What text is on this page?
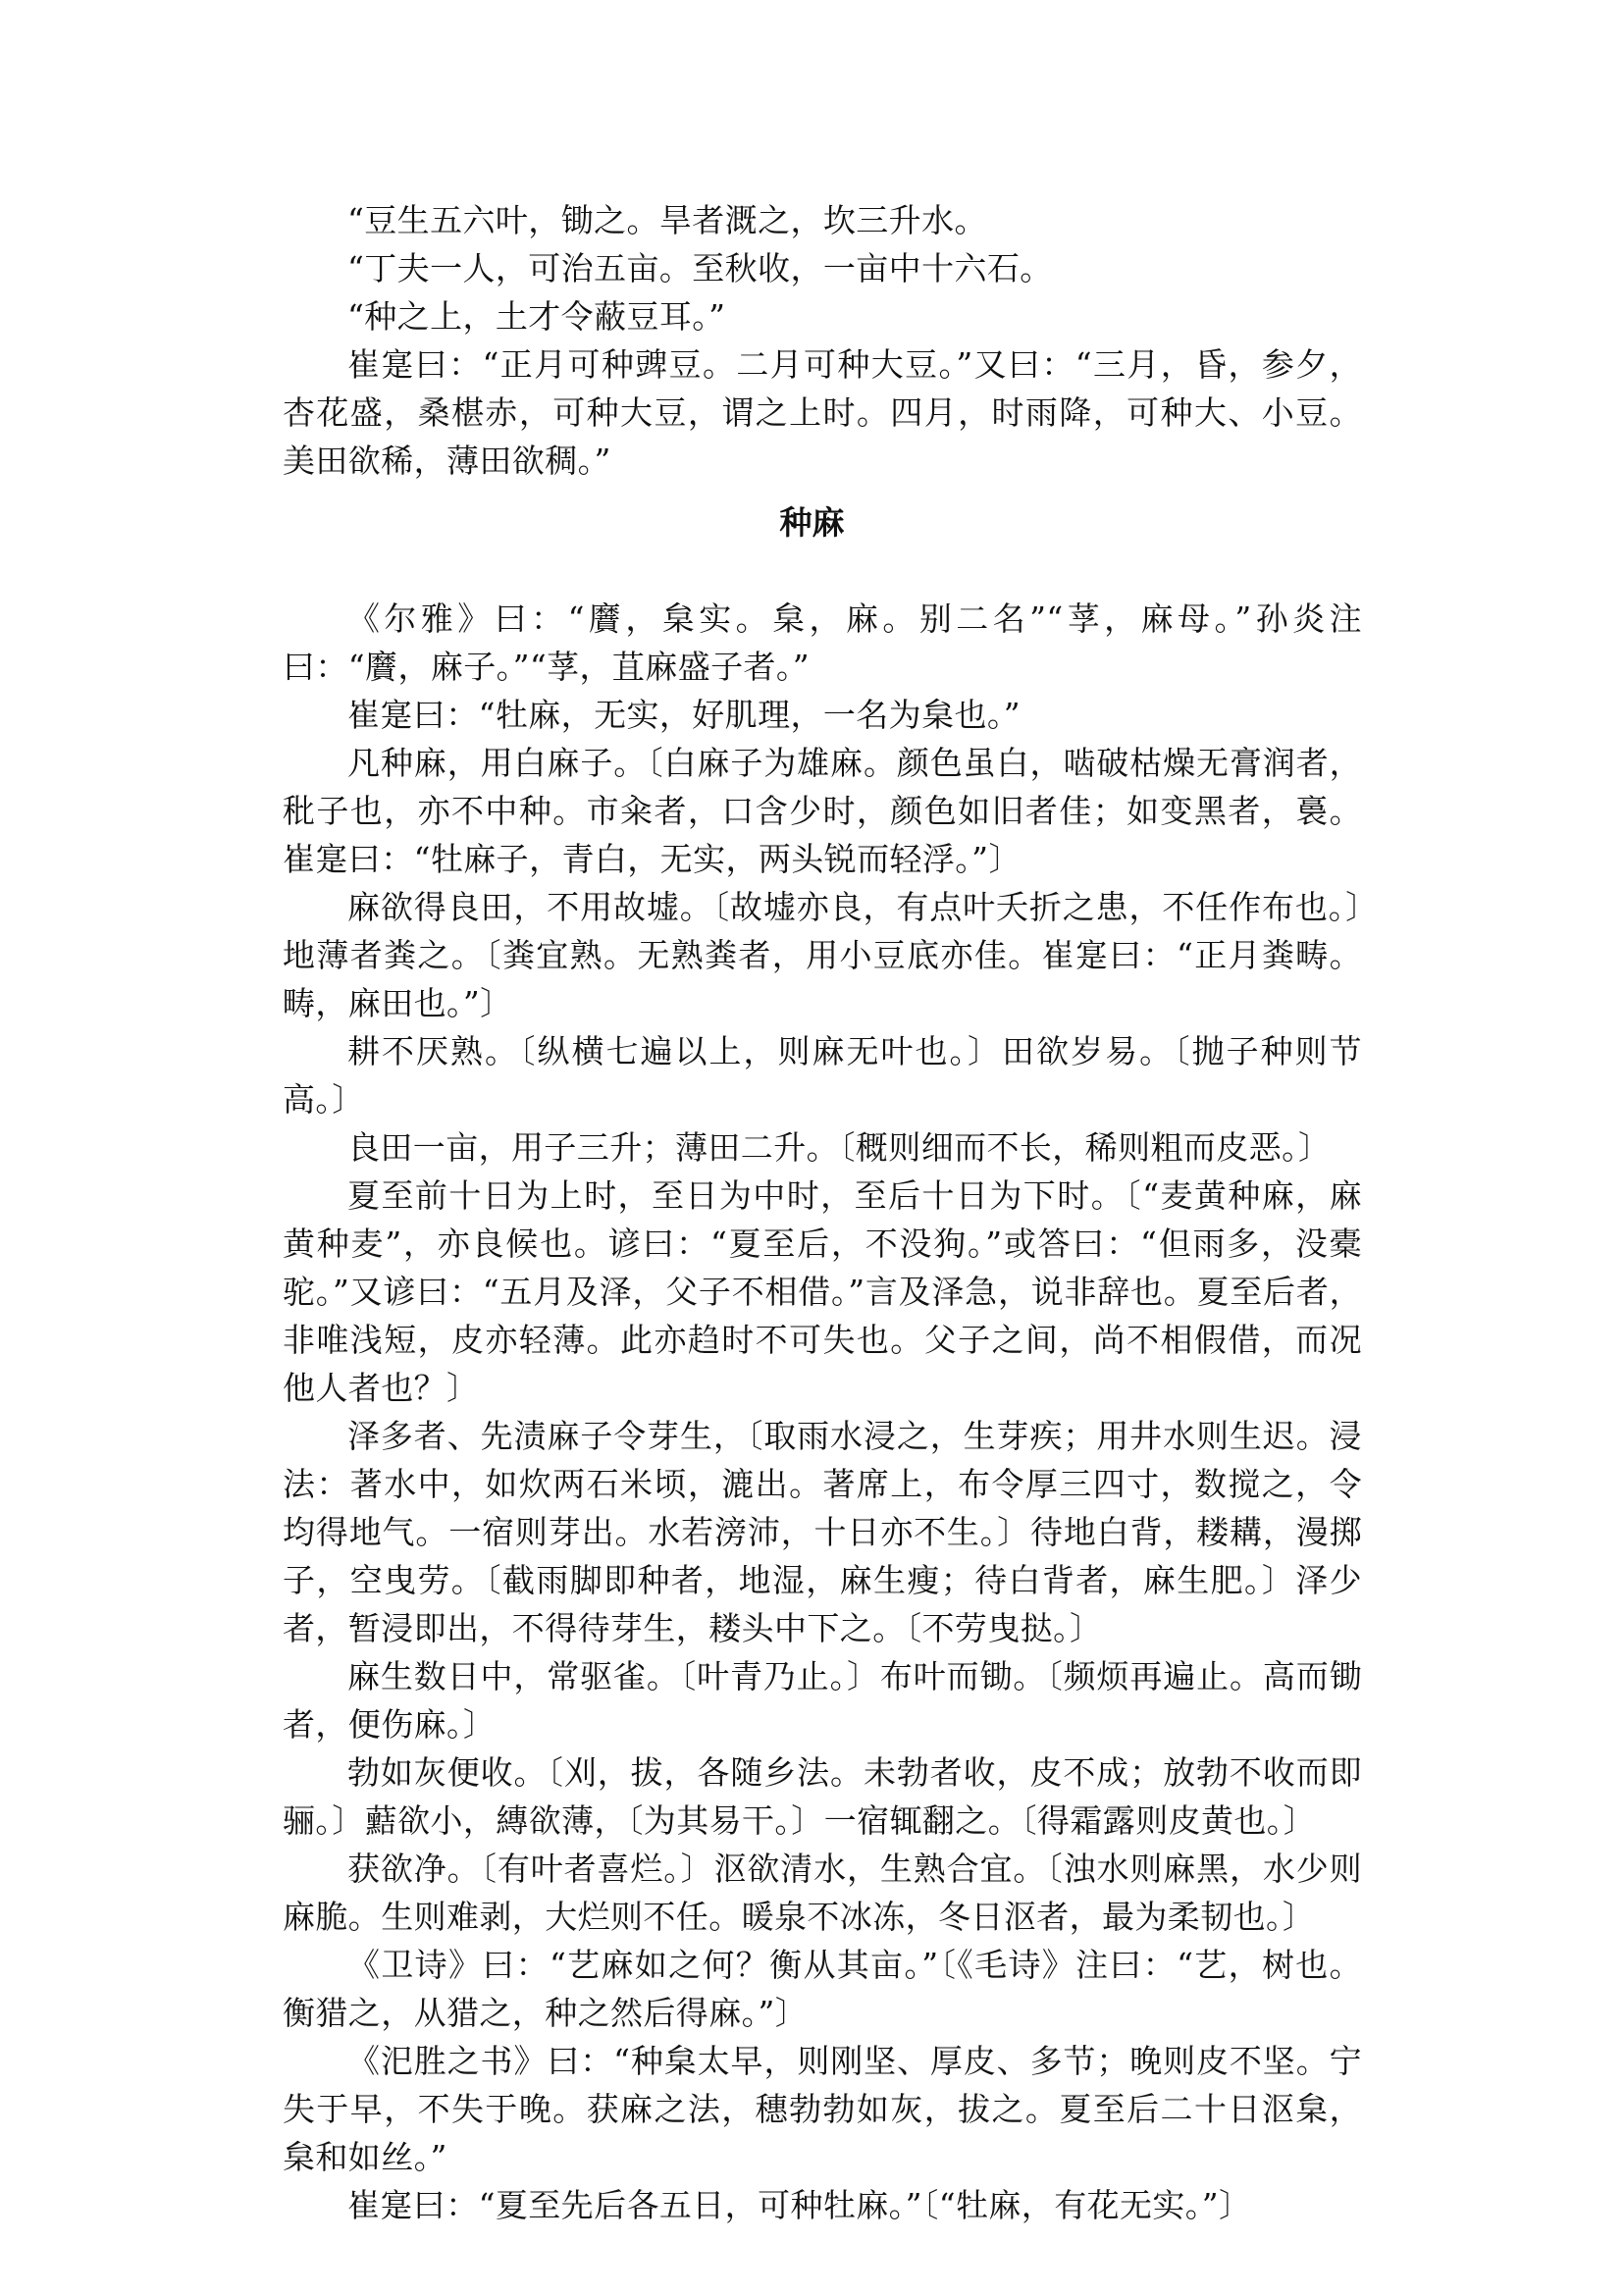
“豆生五六叶，锄之。旱者溉之，坎三升水。

“丁夫一人，可治五亩。至秋收，一亩中十六石。

“种之上，土才令蔽豆耳。”

崔寔曰：“正月可种豍豆。二月可种大豆。”又曰：“三月，昏，参夕，杏花盛，桑椹赤，可种大豆，谓之上时。四月，时雨降，可种大、小豆。美田欲稀，薄田欲稠。”

种麻

《尔雅》曰：“黂，枲实。枲，麻。别二名”“莩，麻母。”孙炎注曰：“黂，麻子。”“莩，苴麻盛子者。”

崔寔曰：“牡麻，无实，好肌理，一名为枲也。”

凡种麻，用白麻子。〔白麻子为雄麻。颜色虽白，啮破枯燥无膏润者，秕子也，亦不中种。市籴者，口含少时，颜色如旧者佳；如变黑者，裛。崔寔曰：“牡麻子，青白，无实，两头锐而轻浮。”〕

麻欲得良田，不用故墟。〔故墟亦良，有点叶夭折之患，不任作布也。〕地薄者粪之。〔粪宜熟。无熟粪者，用小豆底亦佳。崔寔曰：“正月粪畴。畴，麻田也。”〕

耕不厌熟。〔纵横七遍以上，则麻无叶也。〕田欲岁易。〔抛子种则节高。〕

良田一亩，用子三升；薄田二升。〔穊则细而不长，稀则粗而皮恶。〕

夏至前十日为上时，至日为中时，至后十日为下时。〔“麦黄种麻，麻黄种麦”，亦良候也。谚曰：“夏至后，不没狗。”或答曰：“但雨多，没橐驼。”又谚曰：“五月及泽，父子不相借。”言及泽急，说非辞也。夏至后者，非唯浅短，皮亦轻薄。此亦趋时不可失也。父子之间，尚不相假借，而况他人者也？〕

泽多者、先渍麻子令芽生，〔取雨水浸之，生芽疾；用井水则生迟。浸法：著水中，如炊两石米顷，漉出。著席上，布令厚三四寸，数搅之，令均得地气。一宿则芽出。水若滂沛，十日亦不生。〕待地白背，耧耩，漫掷子，空曳劳。〔截雨脚即种者，地湿，麻生瘦；待白背者，麻生肥。〕泽少者，暂浸即出，不得待芽生，耧头中下之。〔不劳曳挞。〕

麻生数日中，常驱雀。〔叶青乃止。〕布叶而锄。〔频烦再遍止。高而锄者，便伤麻。〕

勃如灰便收。〔刈，拔，各随乡法。未勃者收，皮不成；放勃不收而即骊。〕䕸欲小，縳欲薄，〔为其易干。〕一宿辄翻之。〔得霜露则皮黄也。〕

获欲净。〔有叶者喜烂。〕沤欲清水，生熟合宜。〔浊水则麻黑，水少则麻脆。生则难剥，大烂则不任。暖泉不冰冻，冬日沤者，最为柔韧也。〕

《卫诗》曰：“艺麻如之何？衡从其亩。”〔《毛诗》注曰：“艺，树也。衡猎之，从猎之，种之然后得麻。”〕

《汜胜之书》曰：“种枲太早，则刚坚、厚皮、多节；晚则皮不坚。宁失于早，不失于晚。获麻之法，穗勃勃如灰，拔之。夏至后二十日沤枲，枲和如丝。”

崔寔曰：“夏至先后各五日，可种牡麻。”〔“牡麻，有花无实。”〕
